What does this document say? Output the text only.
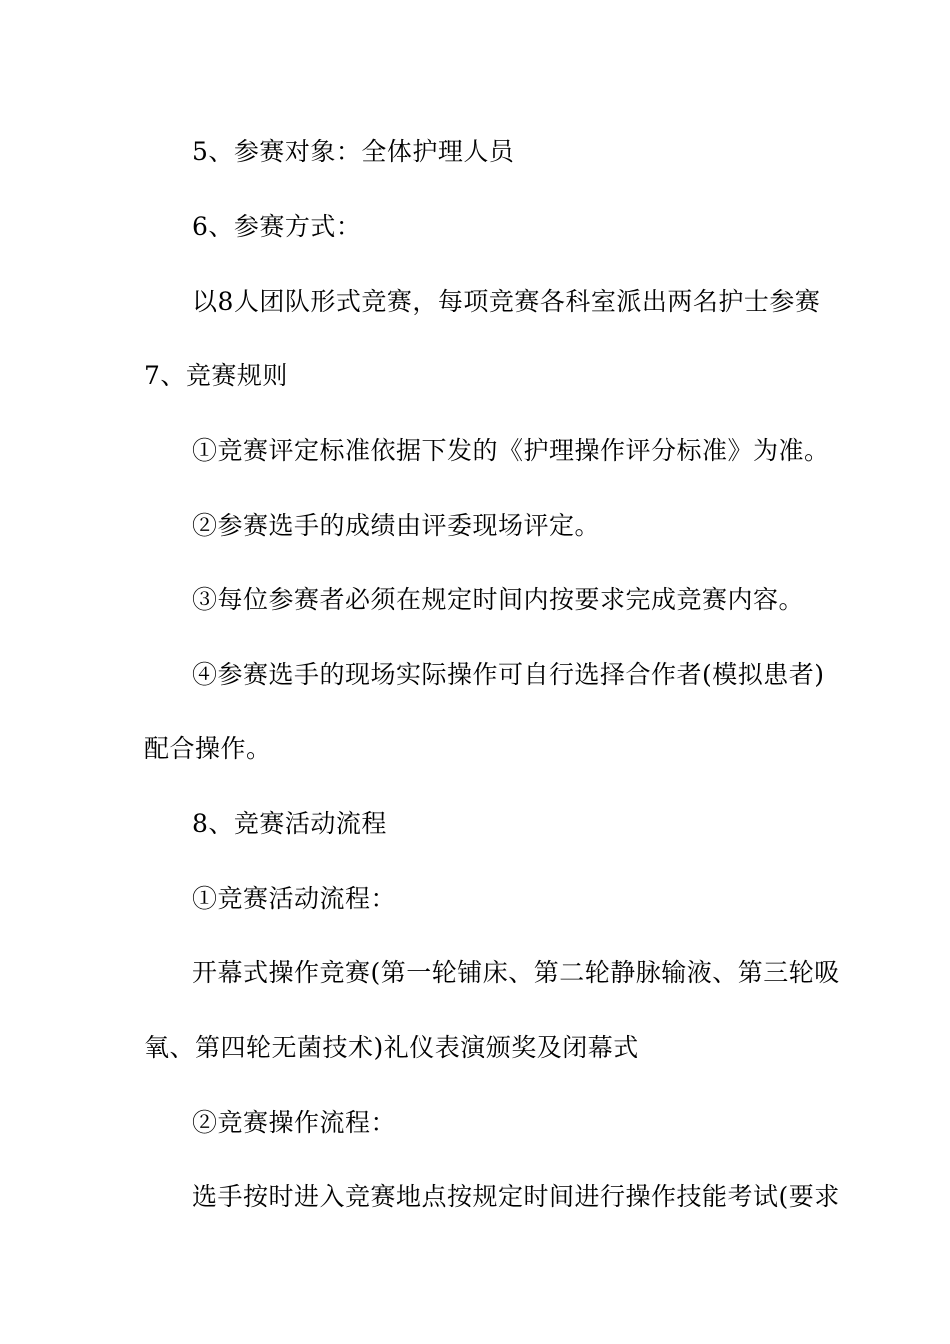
5、参赛对象：全体护理人员
6、参赛方式：
以8人团队形式竞赛，每项竞赛各科室派出两名护士参赛
7、竞赛规则
①竞赛评定标准依据下发的《护理操作评分标准》为准。
②参赛选手的成绩由评委现场评定。
③每位参赛者必须在规定时间内按要求完成竞赛内容。
④参赛选手的现场实际操作可自行选择合作者(模拟患者)
配合操作。
8、竞赛活动流程
①竞赛活动流程：
开幕式操作竞赛(第一轮铺床、第二轮静脉输液、第三轮吸
氧、第四轮无菌技术)礼仪表演颁奖及闭幕式
②竞赛操作流程：
选手按时进入竞赛地点按规定时间进行操作技能考试(要求
